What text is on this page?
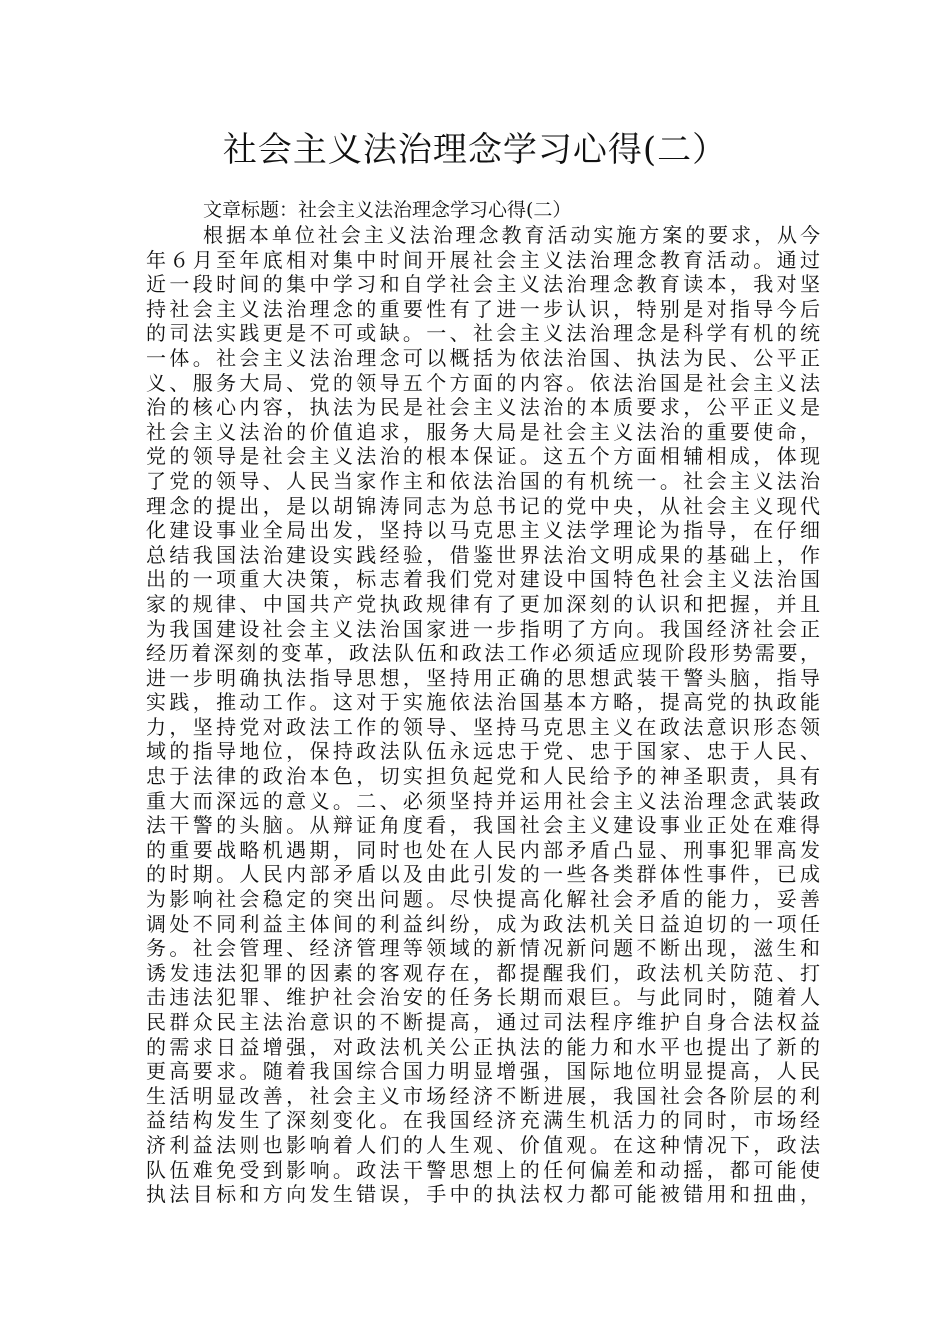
社会主义法治理念学习心得(二）

文章标题：社会主义法治理念学习心得(二）

根据本单位社会主义法治理念教育活动实施方案的要求，从今
年６月至年底相对集中时间开展社会主义法治理念教育活动。通过
近一段时间的集中学习和自学社会主义法治理念教育读本，我对坚
持社会主义法治理念的重要性有了进一步认识，特别是对指导今后
的司法实践更是不可或缺。一、社会主义法治理念是科学有机的统
一体。社会主义法治理念可以概括为依法治国、执法为民、公平正
义、服务大局、党的领导五个方面的内容。依法治国是社会主义法
治的核心内容，执法为民是社会主义法治的本质要求，公平正义是
社会主义法治的价值追求，服务大局是社会主义法治的重要使命，
党的领导是社会主义法治的根本保证。这五个方面相辅相成，体现
了党的领导、人民当家作主和依法治国的有机统一。社会主义法治
理念的提出，是以胡锦涛同志为总书记的党中央，从社会主义现代
化建设事业全局出发，坚持以马克思主义法学理论为指导，在仔细
总结我国法治建设实践经验，借鉴世界法治文明成果的基础上，作
出的一项重大决策，标志着我们党对建设中国特色社会主义法治国
家的规律、中国共产党执政规律有了更加深刻的认识和把握，并且
为我国建设社会主义法治国家进一步指明了方向。我国经济社会正
经历着深刻的变革，政法队伍和政法工作必须适应现阶段形势需要，
进一步明确执法指导思想，坚持用正确的思想武装干警头脑，指导
实践，推动工作。这对于实施依法治国基本方略，提高党的执政能
力，坚持党对政法工作的领导、坚持马克思主义在政法意识形态领
域的指导地位，保持政法队伍永远忠于党、忠于国家、忠于人民、
忠于法律的政治本色，切实担负起党和人民给予的神圣职责，具有
重大而深远的意义。二、必须坚持并运用社会主义法治理念武装政
法干警的头脑。从辩证角度看，我国社会主义建设事业正处在难得
的重要战略机遇期，同时也处在人民内部矛盾凸显、刑事犯罪高发
的时期。人民内部矛盾以及由此引发的一些各类群体性事件，已成
为影响社会稳定的突出问题。尽快提高化解社会矛盾的能力，妥善
调处不同利益主体间的利益纠纷，成为政法机关日益迫切的一项任
务。社会管理、经济管理等领域的新情况新问题不断出现，滋生和
诱发违法犯罪的因素的客观存在，都提醒我们，政法机关防范、打
击违法犯罪、维护社会治安的任务长期而艰巨。与此同时，随着人
民群众民主法治意识的不断提高，通过司法程序维护自身合法权益
的需求日益增强，对政法机关公正执法的能力和水平也提出了新的
更高要求。随着我国综合国力明显增强，国际地位明显提高，人民
生活明显改善，社会主义市场经济不断进展，我国社会各阶层的利
益结构发生了深刻变化。在我国经济充满生机活力的同时，市场经
济利益法则也影响着人们的人生观、价值观。在这种情况下，政法
队伍难免受到影响。政法干警思想上的任何偏差和动摇，都可能使
执法目标和方向发生错误，手中的执法权力都可能被错用和扭曲，
